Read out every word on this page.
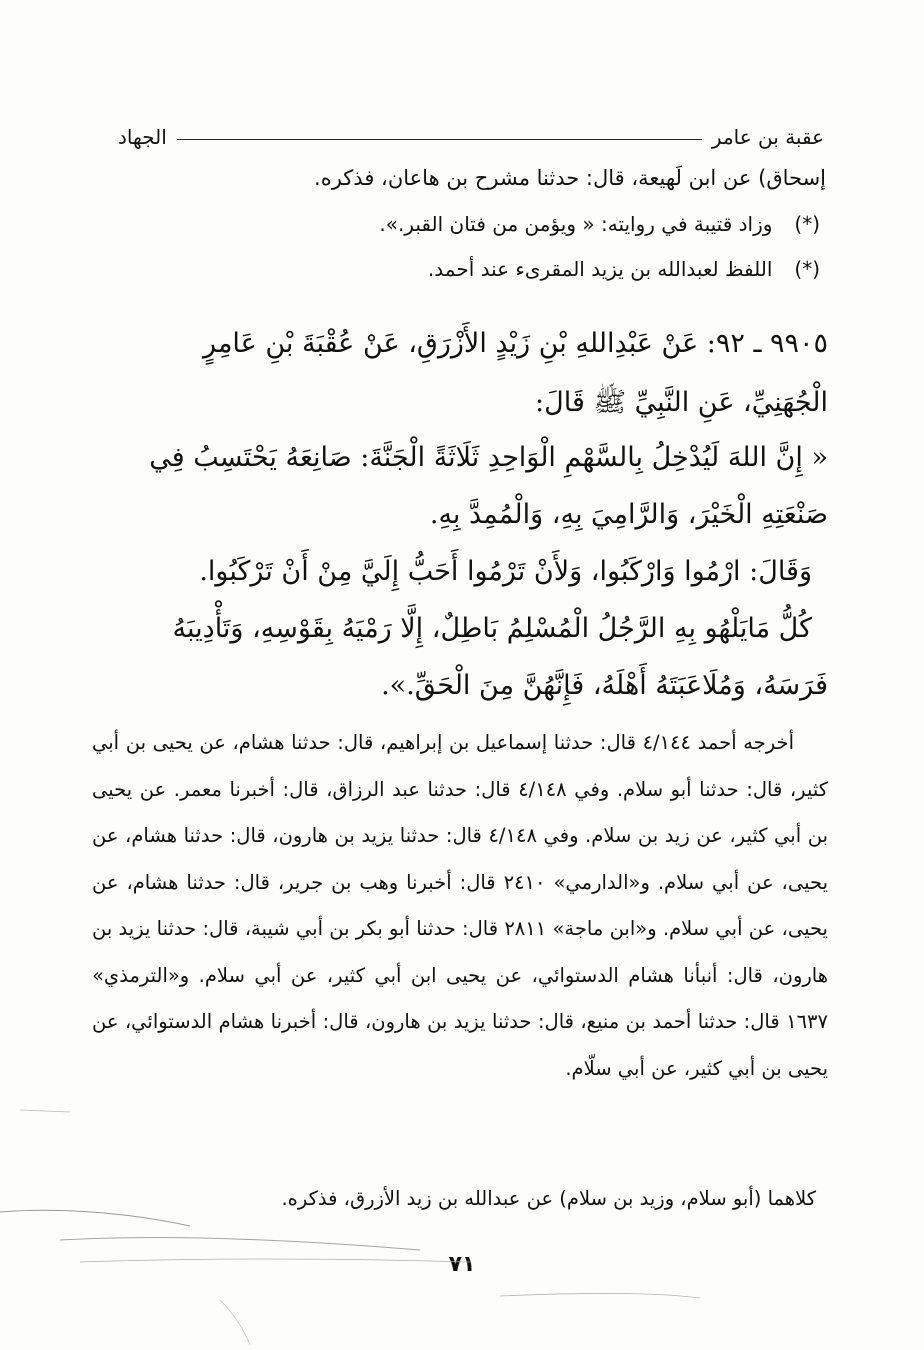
الجهاد	عقبة بن عامر
إسحاق) عن ابن لَهيعة، قال: حدثنا مشرح بن هاعان، فذكره.
(*)وزاد قتيبة في روايته: « ويؤمن من فتان القبر.».
(*)اللفظ لعبدالله بن يزيد المقرىء عند أحمد.
٩٩٠٥ ـ ٩٢: عَنْ عَبْدِاللهِ بْنِ زَيْدٍ الأَزْرَقِ، عَنْ عُقْبَةَ بْنِ عَامِرٍ
الْجُهَنِيِّ، عَنِ النَّبِيِّ ﷺ قَالَ:
« إِنَّ اللهَ لَيُدْخِلُ بِالسَّهْمِ الْوَاحِدِ ثَلَاثَةً الْجَنَّةَ: صَانِعَهُ يَحْتَسِبُ فِي
صَنْعَتِهِ الْخَيْرَ، وَالرَّامِيَ بِهِ، وَالْمُمِدَّ بِهِ.
وَقَالَ: ارْمُوا وَارْكَبُوا، وَلأَنْ تَرْمُوا أَحَبُّ إِلَيَّ مِنْ أَنْ تَرْكَبُوا.
كُلُّ مَايَلْهُو بِهِ الرَّجُلُ الْمُسْلِمُ بَاطِلٌ، إِلَّا رَمْيَهُ بِقَوْسِهِ، وَتَأْدِيبَهُ
فَرَسَهُ، وَمُلَاعَبَتَهُ أَهْلَهُ، فَإِنَّهُنَّ مِنَ الْحَقِّ.».
أخرجه أحمد ٤/١٤٤ قال: حدثنا إسماعيل بن إبراهيم، قال: حدثنا هشام، عن يحيى بن أبي كثير، قال: حدثنا أبو سلام. وفي ٤/١٤٨ قال: حدثنا عبد الرزاق، قال: أخبرنا معمر. عن يحيى بن أبي كثير، عن زيد بن سلام. وفي ٤/١٤٨ قال: حدثنا يزيد بن هارون، قال: حدثنا هشام، عن يحيى، عن أبي سلام. و«الدارمي» ٢٤١٠ قال: أخبرنا وهب بن جرير، قال: حدثنا هشام، عن يحيى، عن أبي سلام. و«ابن ماجة» ٢٨١١ قال: حدثنا أبو بكر بن أبي شيبة، قال: حدثنا يزيد بن هارون، قال: أنبأنا هشام الدستوائي، عن يحيى ابن أبي كثير، عن أبي سلام. و«الترمذي» ١٦٣٧ قال: حدثنا أحمد بن منيع، قال: حدثنا يزيد بن هارون، قال: أخبرنا هشام الدستوائي، عن يحيى بن أبي كثير، عن أبي سلّام.
كلاهما (أبو سلام، وزيد بن سلام) عن عبدالله بن زيد الأزرق، فذكره.
٧١
